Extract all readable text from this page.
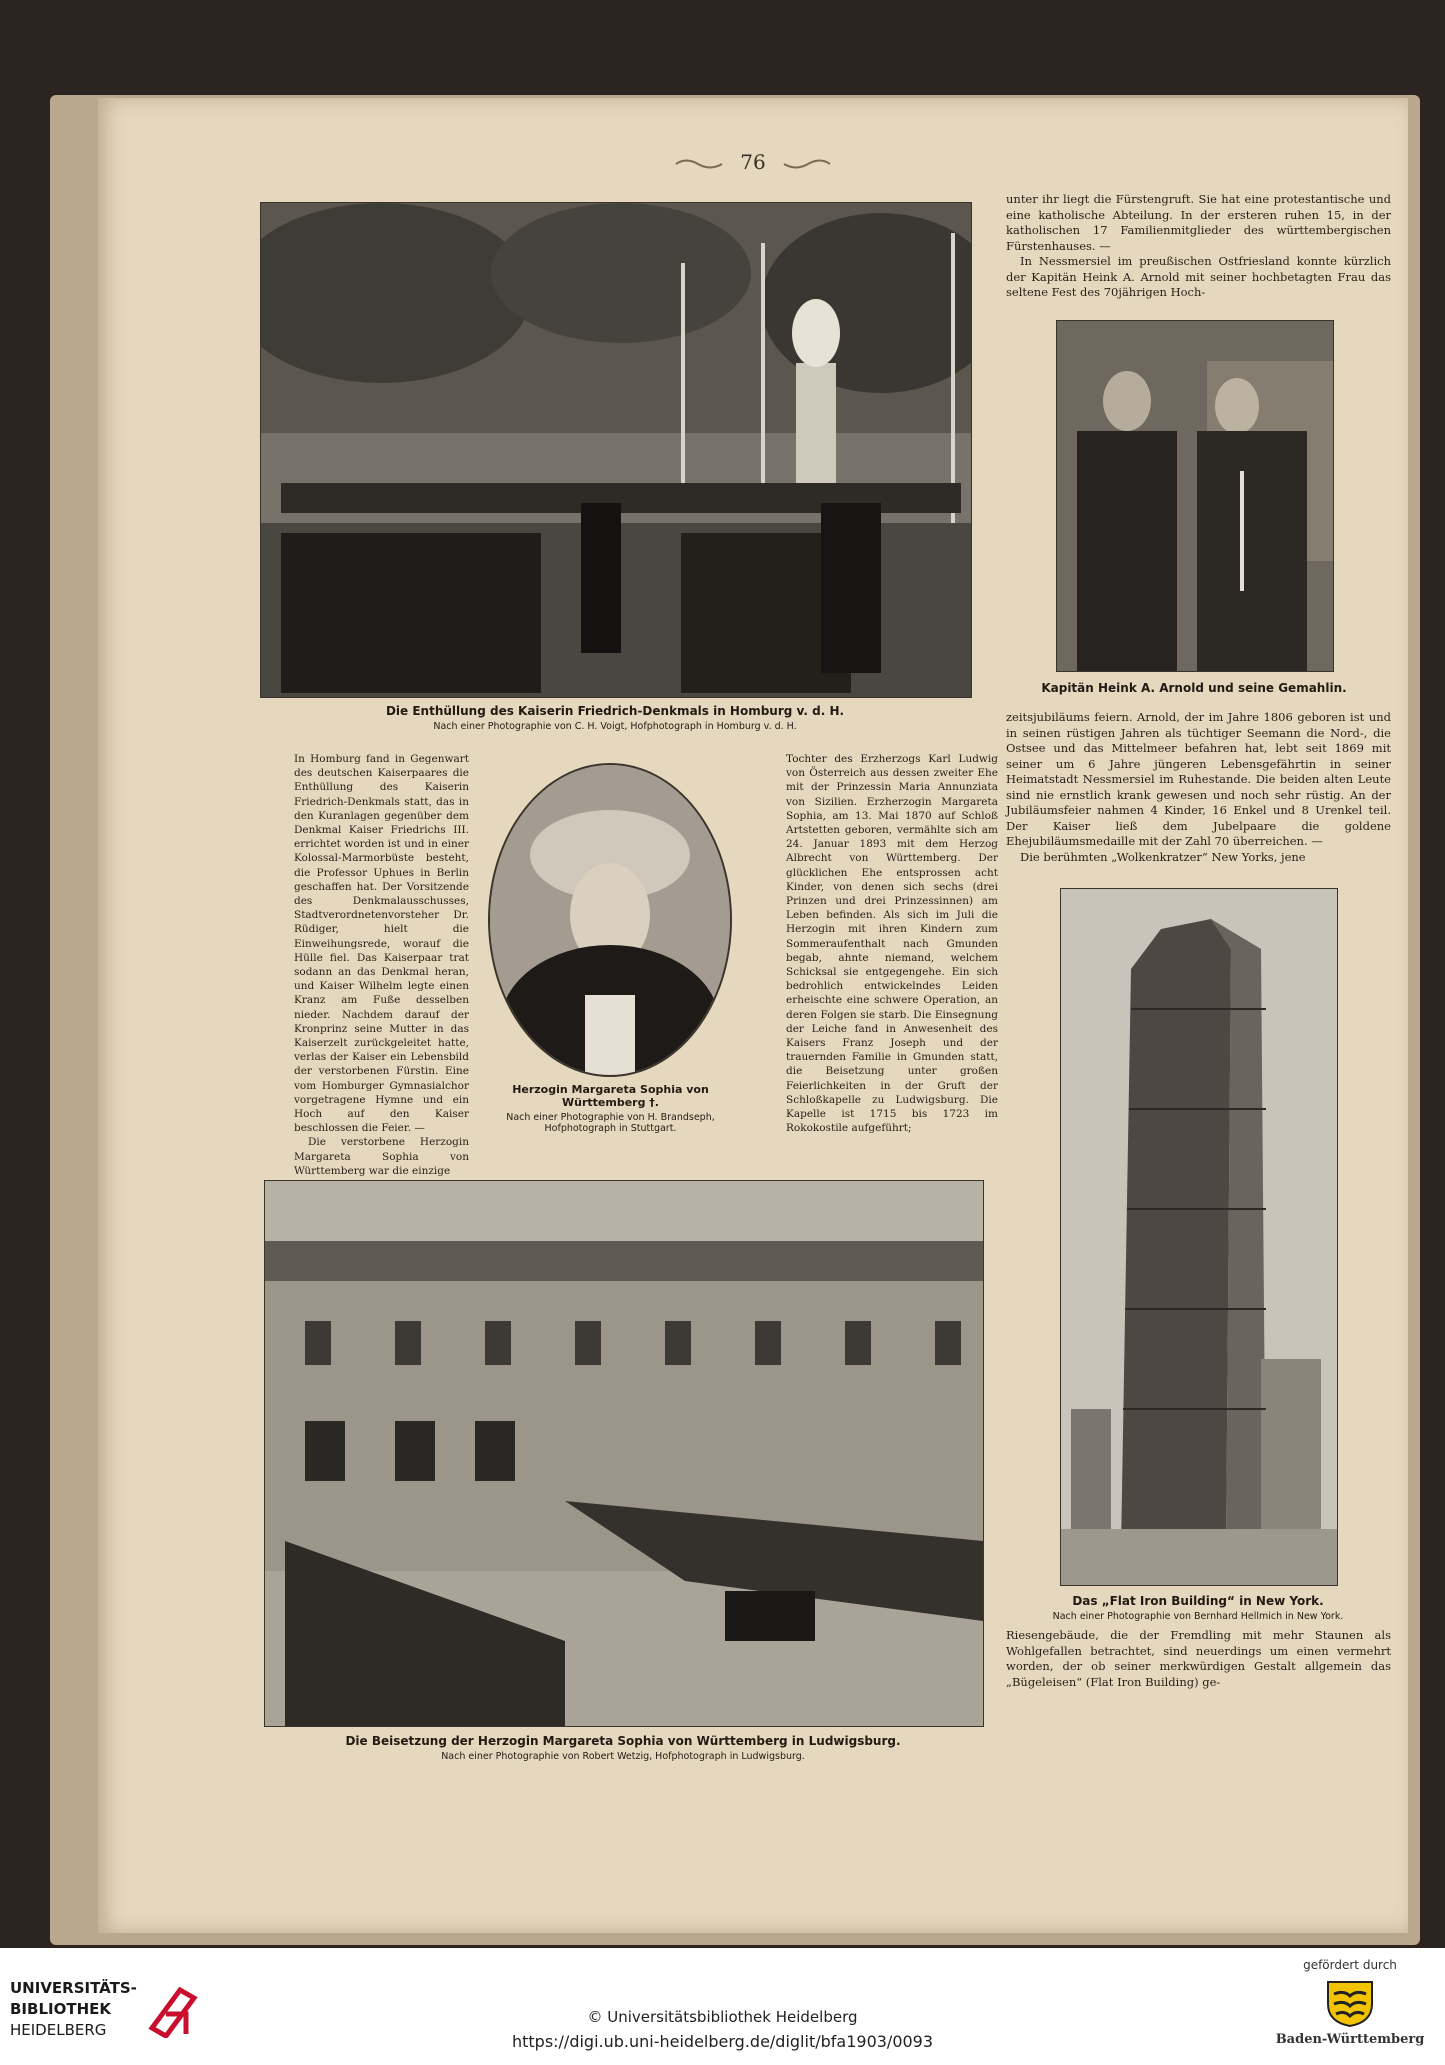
76
Die Enthüllung des Kaiserin Friedrich-Denkmals in Homburg v. d. H.
Nach einer Photographie von C. H. Voigt, Hofphotograph in Homburg v. d. H.

unter ihr liegt die Fürstengruft. Sie hat eine protestantische und eine katholische Abteilung. In der ersteren ruhen 15, in der katholischen 17 Familienmitglieder des württembergischen Fürstenhauses. —

In Nessmersiel im preußischen Ostfriesland konnte kürzlich der Kapitän Heink A. Arnold mit seiner hochbetagten Frau das seltene Fest des 70jährigen Hoch-

Kapitän Heink A. Arnold und seine Gemahlin.

zeitsjubiläums feiern. Arnold, der im Jahre 1806 geboren ist und in seinen rüstigen Jahren als tüchtiger Seemann die Nord-, die Ostsee und das Mittelmeer befahren hat, lebt seit 1869 mit seiner um 6 Jahre jüngeren Lebensgefährtin in seiner Heimatstadt Nessmersiel im Ruhestande. Die beiden alten Leute sind nie ernstlich krank gewesen und noch sehr rüstig. An der Jubiläumsfeier nahmen 4 Kinder, 16 Enkel und 8 Urenkel teil. Der Kaiser ließ dem Jubelpaare die goldene Ehejubiläumsmedaille mit der Zahl 70 überreichen. —

Die berühmten „Wolkenkratzer“ New Yorks, jene

In Homburg fand in Gegenwart des deutschen Kaiserpaares die Enthüllung des Kaiserin Friedrich-Denkmals statt, das in den Kuranlagen gegenüber dem Denkmal Kaiser Friedrichs III. errichtet worden ist und in einer Kolossal-Marmorbüste besteht, die Professor Uphues in Berlin geschaffen hat. Der Vorsitzende des Denkmalausschusses, Stadtverordnetenvorsteher Dr. Rüdiger, hielt die Einweihungsrede, worauf die Hülle fiel. Das Kaiserpaar trat sodann an das Denkmal heran, und Kaiser Wilhelm legte einen Kranz am Fuße desselben nieder. Nachdem darauf der Kronprinz seine Mutter in das Kaiserzelt zurückgeleitet hatte, verlas der Kaiser ein Lebensbild der verstorbenen Fürstin. Eine vom Homburger Gymnasialchor vorgetragene Hymne und ein Hoch auf den Kaiser beschlossen die Feier. —

Die verstorbene Herzogin Margareta Sophia von Württemberg war die einzige

Herzogin Margareta Sophia von Württemberg †.
Nach einer Photographie von H. Brandseph,
Hofphotograph in Stuttgart.

Tochter des Erzherzogs Karl Ludwig von Österreich aus dessen zweiter Ehe mit der Prinzessin Maria Annunziata von Sizilien. Erzherzogin Margareta Sophia, am 13. Mai 1870 auf Schloß Artstetten geboren, vermählte sich am 24. Januar 1893 mit dem Herzog Albrecht von Württemberg. Der glücklichen Ehe entsprossen acht Kinder, von denen sich sechs (drei Prinzen und drei Prinzessinnen) am Leben befinden. Als sich im Juli die Herzogin mit ihren Kindern zum Sommeraufenthalt nach Gmunden begab, ahnte niemand, welchem Schicksal sie entgegengehe. Ein sich bedrohlich entwickelndes Leiden erheischte eine schwere Operation, an deren Folgen sie starb. Die Einsegnung der Leiche fand in Anwesenheit des Kaisers Franz Joseph und der trauernden Familie in Gmunden statt, die Beisetzung unter großen Feierlichkeiten in der Gruft der Schloßkapelle zu Ludwigsburg. Die Kapelle ist 1715 bis 1723 im Rokokostile aufgeführt;

Die Beisetzung der Herzogin Margareta Sophia von Württemberg in Ludwigsburg.
Nach einer Photographie von Robert Wetzig, Hofphotograph in Ludwigsburg.
Das „Flat Iron Building“ in New York.
Nach einer Photographie von Bernhard Hellmich in New York.

Riesengebäude, die der Fremdling mit mehr Staunen als Wohlgefallen betrachtet, sind neuerdings um einen vermehrt worden, der ob seiner merkwürdigen Gestalt allgemein das „Bügeleisen“ (Flat Iron Building) ge-

UNIVERSITÄTS-
BIBLIOTHEK
HEIDELBERG
© Universitätsbibliothek Heidelberg
https://digi.ub.uni-heidelberg.de/diglit/bfa1903/0093
gefördert durch
Baden-Württemberg
